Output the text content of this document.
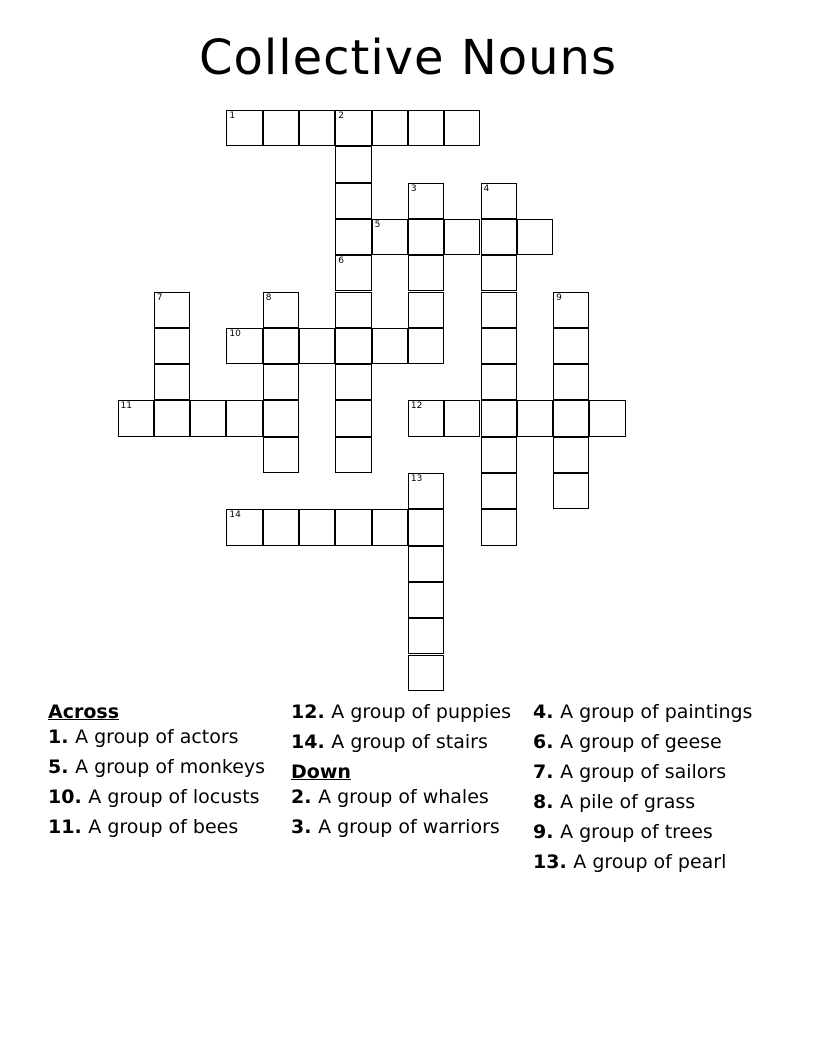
Collective Nouns
1	2
5
10
11	12
14
3	4
6
7	8	9
13
Across
1. A group of actors
5. A group of monkeys
10. A group of locusts
11. A group of bees
12. A group of puppies
14. A group of stairs
Down
2. A group of whales
3. A group of warriors
4. A group of paintings
6. A group of geese
7. A group of sailors
8. A pile of grass
9. A group of trees
13. A group of pearl
